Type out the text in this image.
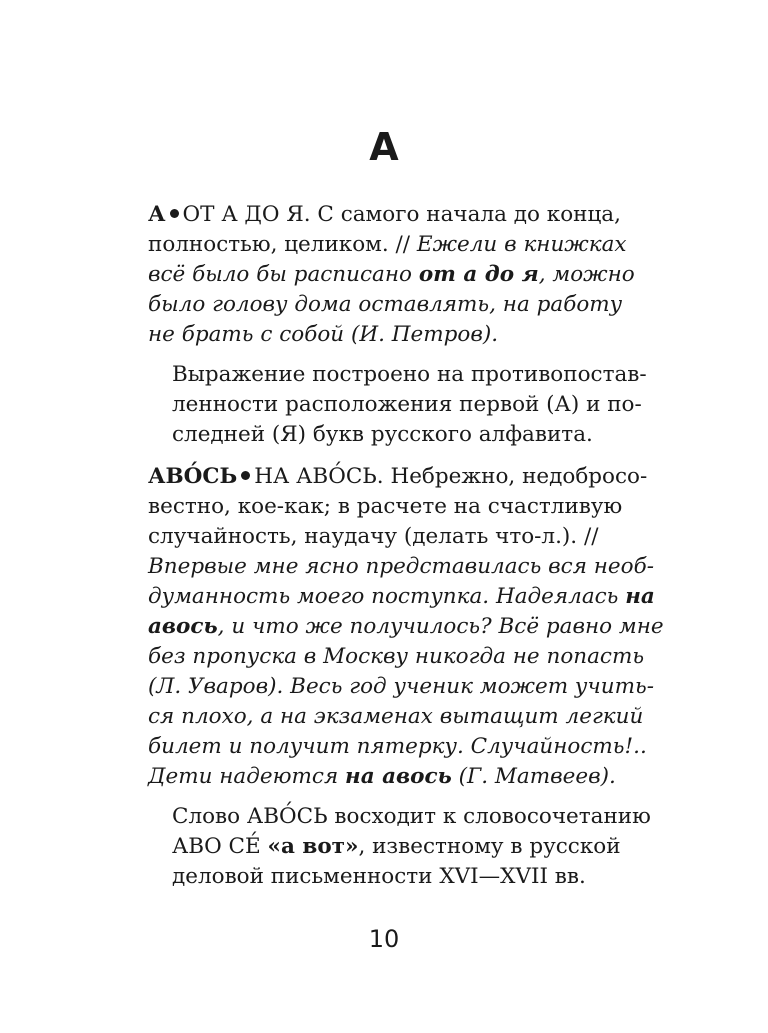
А
А ОТ А ДО Я. С самого начала до конца,
полностью, целиком. // Ежели в книжках
всё было бы расписано от а до я, можно
было голову дома оставлять, на работу
не брать с собой (И. Петров).
Выражение построено на противопостав-
ленности расположения первой (А) и по-
следней (Я) букв русского алфавита.
АВО́СЬ НА АВО́СЬ. Небрежно, недобросо-
вестно, кое-как; в расчете на счастливую
случайность, наудачу (делать что-л.). //
Впервые мне ясно представилась вся необ-
думанность моего поступка. Надеялась на
авось, и что же получилось? Всё равно мне
без пропуска в Москву никогда не попасть
(Л. Уваров). Весь год ученик может учить-
ся плохо, а на экзаменах вытащит легкий
билет и получит пятерку. Случайность!..
Дети надеются на авось (Г. Матвеев).
Слово АВО́СЬ восходит к словосочетанию
АВО СЕ́ «а вот», известному в русской
деловой письменности XVI—XVII вв.
10
